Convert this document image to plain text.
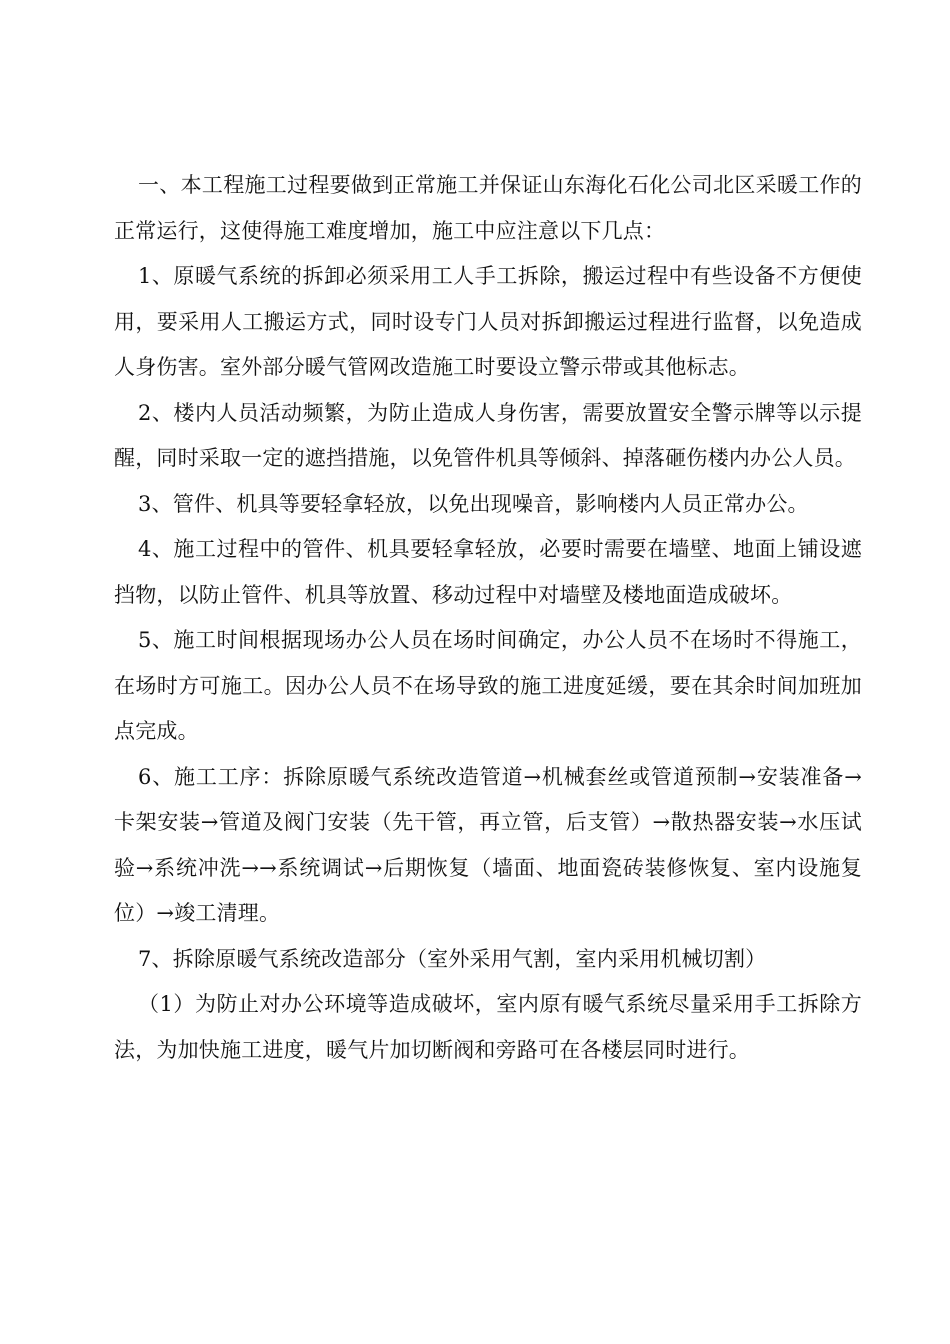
一、本工程施工过程要做到正常施工并保证山东海化石化公司北区采暖工作的正常运行，这使得施工难度增加，施工中应注意以下几点：

1、原暖气系统的拆卸必须采用工人手工拆除，搬运过程中有些设备不方便使用，要采用人工搬运方式，同时设专门人员对拆卸搬运过程进行监督，以免造成人身伤害。室外部分暖气管网改造施工时要设立警示带或其他标志。

2、楼内人员活动频繁，为防止造成人身伤害，需要放置安全警示牌等以示提醒，同时采取一定的遮挡措施，以免管件机具等倾斜、掉落砸伤楼内办公人员。

3、管件、机具等要轻拿轻放，以免出现噪音，影响楼内人员正常办公。

4、施工过程中的管件、机具要轻拿轻放，必要时需要在墙壁、地面上铺设遮挡物，以防止管件、机具等放置、移动过程中对墙壁及楼地面造成破坏。

5、施工时间根据现场办公人员在场时间确定，办公人员不在场时不得施工，在场时方可施工。因办公人员不在场导致的施工进度延缓，要在其余时间加班加点完成。

6、施工工序：拆除原暖气系统改造管道→机械套丝或管道预制→安装准备→卡架安装→管道及阀门安装（先干管，再立管，后支管）→散热器安装→水压试验→系统冲洗→→系统调试→后期恢复（墙面、地面瓷砖装修恢复、室内设施复位）→竣工清理。

7、拆除原暖气系统改造部分（室外采用气割，室内采用机械切割）

（1）为防止对办公环境等造成破坏，室内原有暖气系统尽量采用手工拆除方法，为加快施工进度，暖气片加切断阀和旁路可在各楼层同时进行。
